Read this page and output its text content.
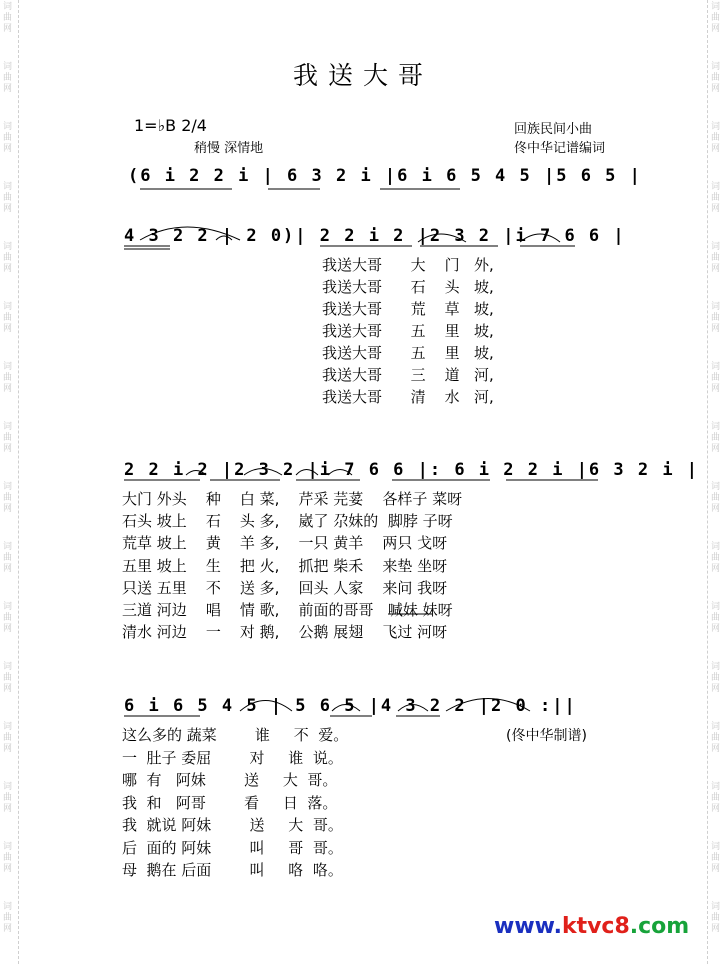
词
曲
网
词
曲
网
词
曲
网
词
曲
网
词
曲
网
词
曲
网
词
曲
网
词
曲
网
词
曲
网
词
曲
网
词
曲
网
词
曲
网
词
曲
网
词
曲
网
词
曲
网
词
曲
网
词
曲
网
词
曲
网
词
曲
网
词
曲
网
词
曲
网
词
曲
网
词
曲
网
词
曲
网
词
曲
网
词
曲
网
词
曲
网
词
曲
网
词
曲
网
词
曲
网
词
曲
网
词
曲
网
我送大哥
1=♭B 2/4
稍慢 深情地
回族民间小曲
佟中华记谱编词
(6 i 2 2 i | 6 3 2 i |6 i 6 5 4 5 |5 6 5 |
4 3 2 2 | 2 0)| 2 2 i 2 |2 3 2 |i 7 6 6 |
我送大哥      大    门   外,
我送大哥      石    头   坡,
我送大哥      荒    草   坡,
我送大哥      五    里   坡,
我送大哥      五    里   坡,
我送大哥      三    道   河,
我送大哥      清    水   河,
2 2 i 2 |2 3 2 |i 7 6 6 |: 6 i 2 2 i |6 3 2 i |
大门 外头    种    白 菜,    芹采 芫荽    各样子 菜呀
石头 坡上    石    头 多,    崴了 尕妹的  脚脖 子呀
荒草 坡上    黄    羊 多,    一只 黄羊    两只 戈呀
五里 坡上    生    把 火,    抓把 柴禾    来垫 坐呀
只送 五里    不    送 多,    回头 人家    来问 我呀
三道 河边    唱    情 歌,    前面的哥哥   喊妹 妹呀
清水 河边    一    对 鹅,    公鹅 展翅    飞过 河呀
6 i 6 5 4 5 | 5 6 5 |4 3 2 2 |2 0 :||
这么多的 蔬菜        谁     不  爱。
一  肚子 委屈        对     谁  说。
哪  有   阿妹        送     大  哥。
我  和   阿哥        看     日  落。
我  就说 阿妹        送     大  哥。
后  面的 阿妹        叫     哥  哥。
母  鹅在 后面        叫     咯  咯。
(佟中华制谱)
www.ktvc8.com
